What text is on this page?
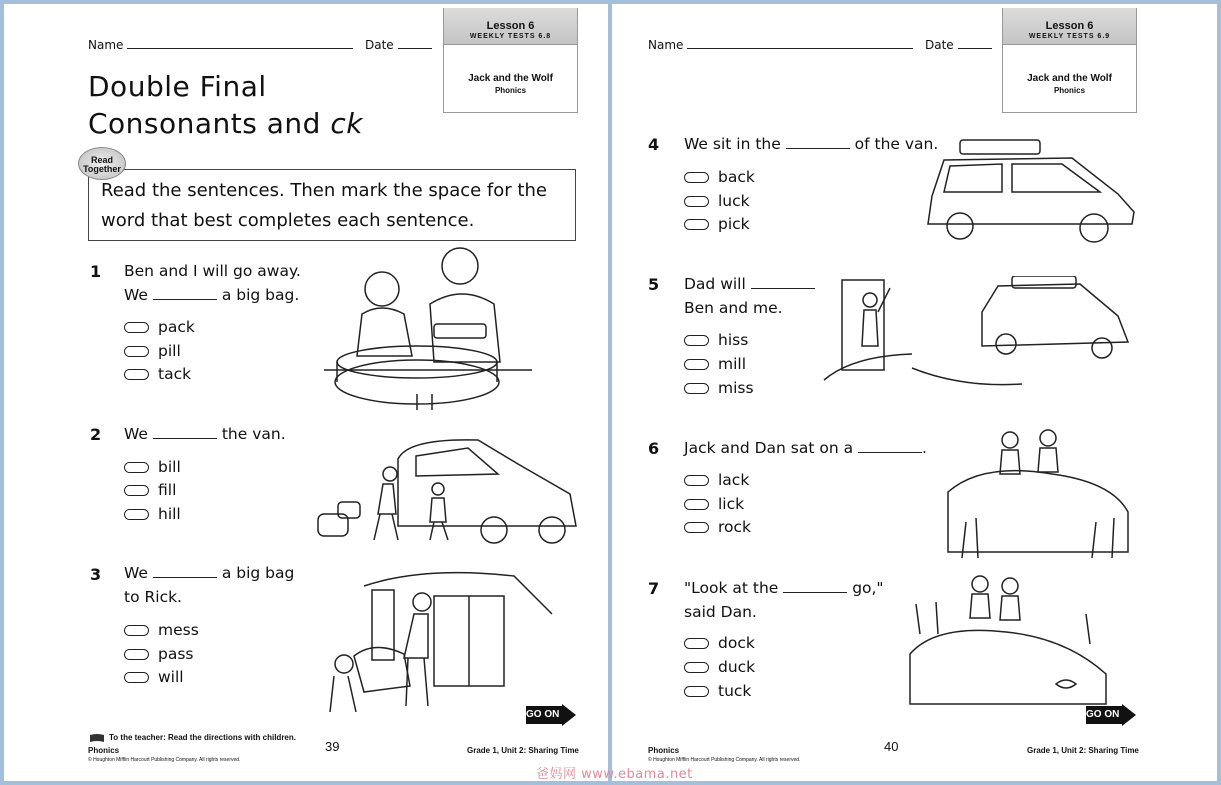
Name	Date
Lesson 6
WEEKLY TESTS 6.8
Jack and the Wolf
Phonics
Double Final
Consonants and ck
Read the sentences. Then mark the space for the word that best completes each sentence.
Read
Together
1 Ben and I will go away.
We	a big bag.
pack
pill
tack
2 We	the van.
bill
fill
hill
3 We	a big bag
to Rick.
mess
pass
will
GO ON
To the teacher: Read the directions with children.
Phonics
© Houghton Mifflin Harcourt Publishing Company. All rights reserved.
39	Grade 1, Unit 2: Sharing Time
Name	Date
Lesson 6
WEEKLY TESTS 6.9
Jack and the Wolf
Phonics
4 We sit in the	of the van.
back
luck
pick
5 Dad will
Ben and me.
hiss
mill
miss
6 Jack and Dan sat on a	.
lack
lick
rock
7 "Look at the	go,"
said Dan.
dock
duck
tuck
GO ON
Phonics
© Houghton Mifflin Harcourt Publishing Company. All rights reserved.
40	Grade 1, Unit 2: Sharing Time
爸妈网 www.ebama.net
